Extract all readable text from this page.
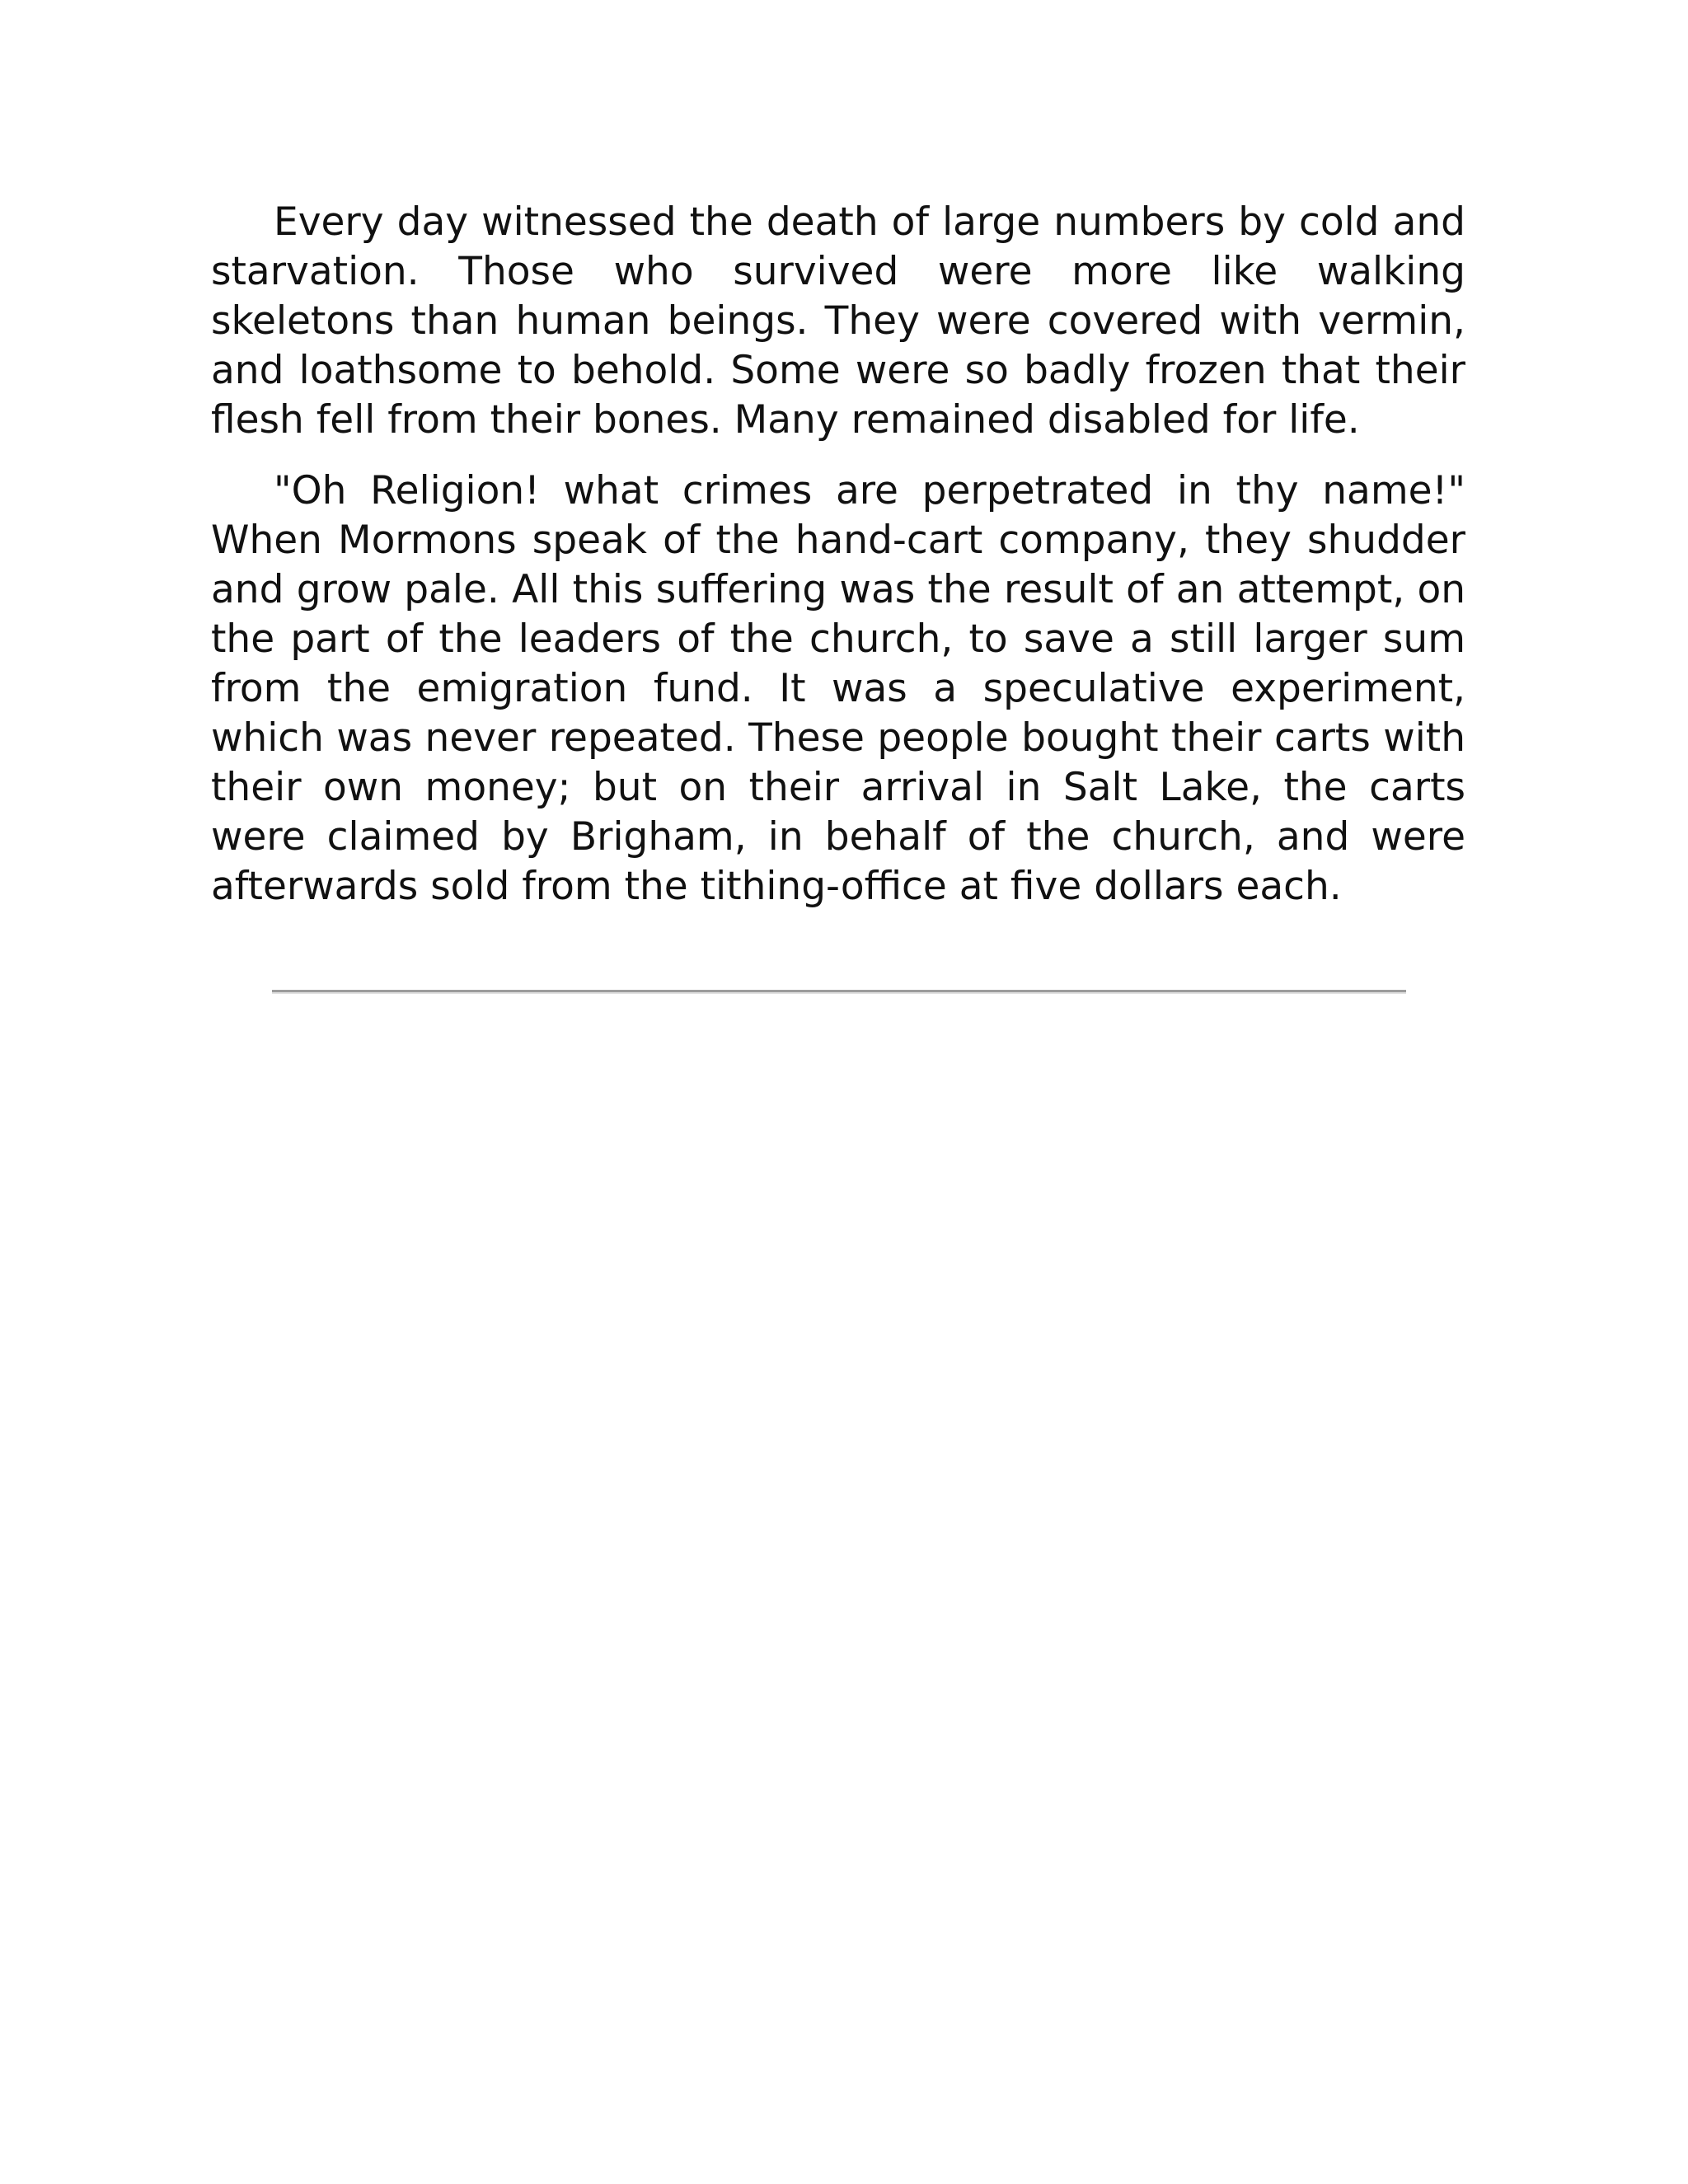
Every day witnessed the death of large numbers by cold and starvation. Those who survived were more like walking skeletons than human beings. They were covered with vermin, and loathsome to behold. Some were so badly frozen that their flesh fell from their bones. Many remained disabled for life.

"Oh Religion! what crimes are perpetrated in thy name!" When Mormons speak of the hand-cart company, they shudder and grow pale. All this suffering was the result of an attempt, on the part of the leaders of the church, to save a still larger sum from the emigration fund. It was a speculative experiment, which was never repeated. These people bought their carts with their own money; but on their arrival in Salt Lake, the carts were claimed by Brigham, in behalf of the church, and were afterwards sold from the tithing-office at five dollars each.
